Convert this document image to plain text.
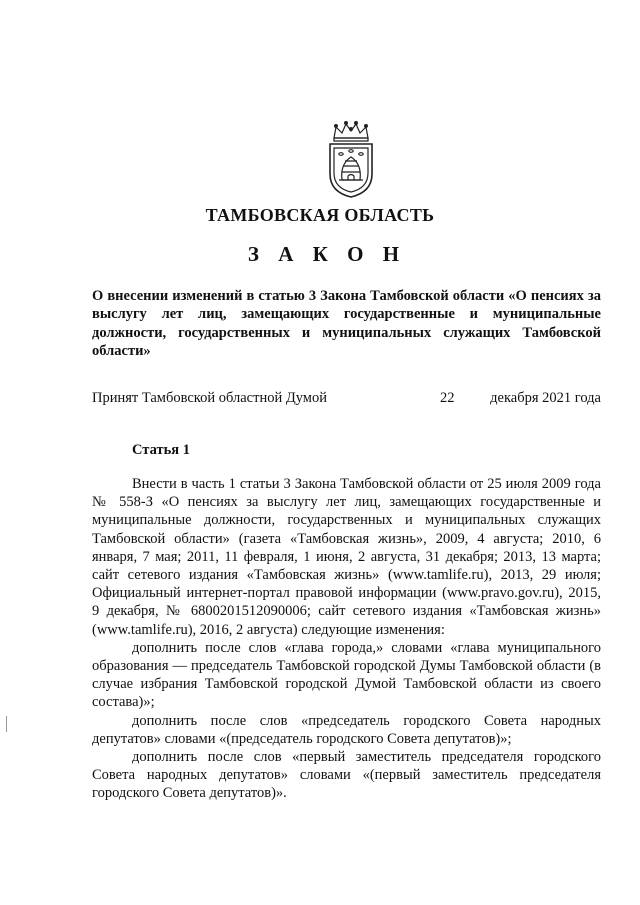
ТАМБОВСКАЯ ОБЛАСТЬ
З А К О Н
О внесении изменений в статью 3 Закона Тамбовской области «О пенсиях за выслугу лет лиц, замещающих государственные и муниципальные должности, государственных и муниципальных служащих Тамбовской области»
Принят Тамбовской областной Думой	22 декабря 2021 года
Статья 1

Внести в часть 1 статьи 3 Закона Тамбовской области от 25 июля 2009 года № 558-З «О пенсиях за выслугу лет лиц, замещающих государственные и муниципальные должности, государственных и муниципальных служащих Тамбовской области» (газета «Тамбовская жизнь», 2009, 4 августа; 2010, 6 января, 7 мая; 2011, 11 февраля, 1 июня, 2 августа, 31 декабря; 2013, 13 марта; сайт сетевого издания «Тамбовская жизнь» (www.tamlife.ru), 2013, 29 июля; Официальный интернет-портал правовой информации (www.pravo.gov.ru), 2015, 9 декабря, № 6800201512090006; сайт сетевого издания «Тамбовская жизнь» (www.tamlife.ru), 2016, 2 августа) следующие изменения:

дополнить после слов «глава города,» словами «глава муниципального образования — председатель Тамбовской городской Думы Тамбовской области (в случае избрания Тамбовской городской Думой Тамбовской области из своего состава)»;

дополнить после слов «председатель городского Совета народных депутатов» словами «(председатель городского Совета депутатов)»;

дополнить после слов «первый заместитель председателя городского Совета народных депутатов» словами «(первый заместитель председателя городского Совета депутатов)».
